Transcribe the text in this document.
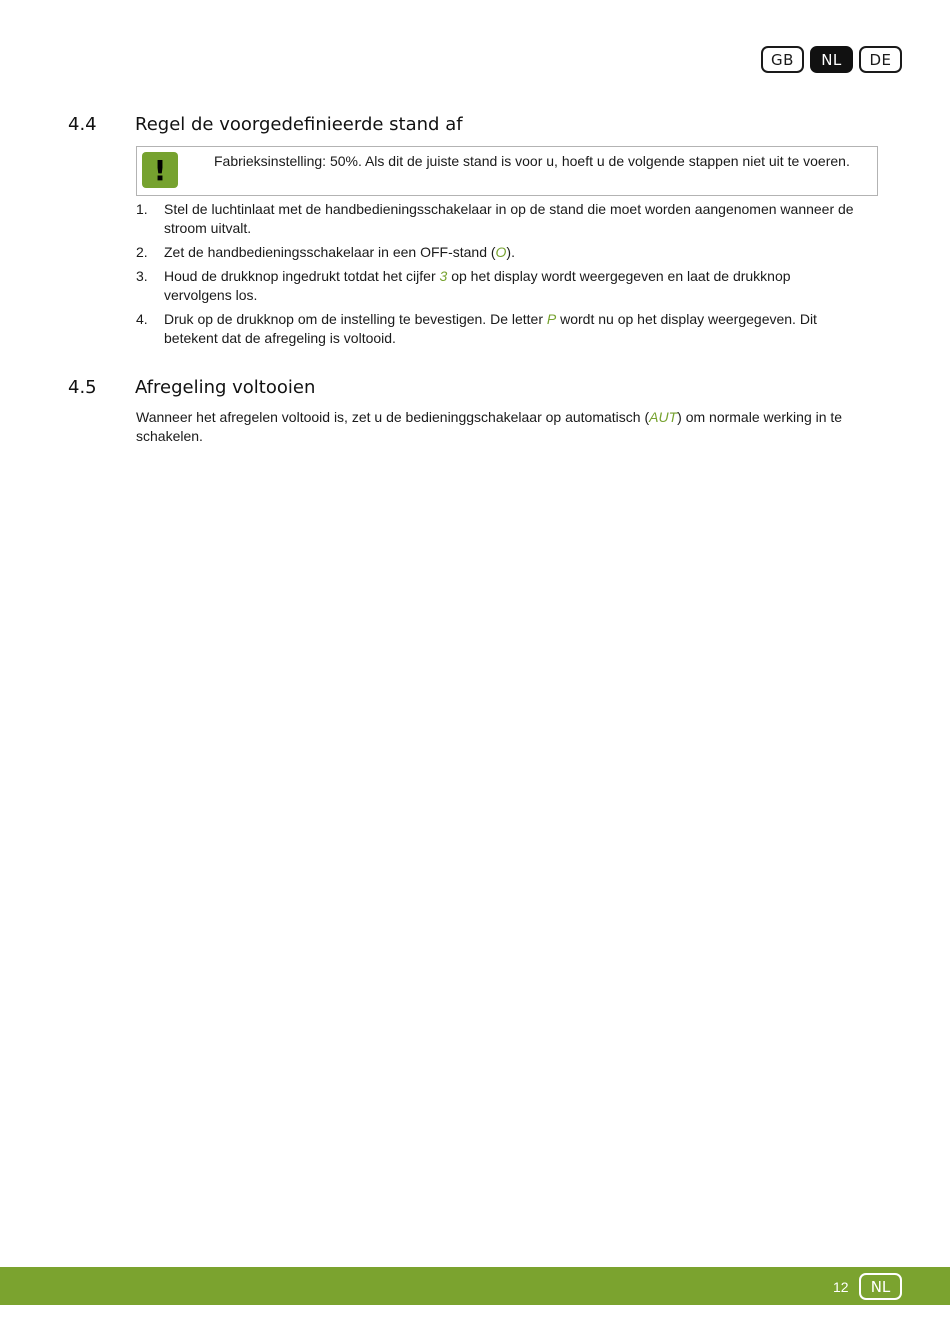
GB	NL	DE
4.4	Regel de voorgedefinieerde stand af
!	Fabrieksinstelling: 50%. Als dit de juiste stand is voor u, hoeft u de volgende stappen niet uit te voeren.
1.	Stel de luchtinlaat met de handbedieningsschakelaar in op de stand die moet worden aangenomen wanneer de stroom uitvalt.
2.	Zet de handbedieningsschakelaar in een OFF-stand (O).
3.	Houd de drukknop ingedrukt totdat het cijfer 3 op het display wordt weergegeven en laat de drukknop vervolgens los.
4.	Druk op de drukknop om de instelling te bevestigen. De letter P wordt nu op het display weergegeven. Dit betekent dat de afregeling is voltooid.
4.5	Afregeling voltooien

Wanneer het afregelen voltooid is, zet u de bedieninggschakelaar op automatisch (AUT) om normale werking in te schakelen.

12	NL
